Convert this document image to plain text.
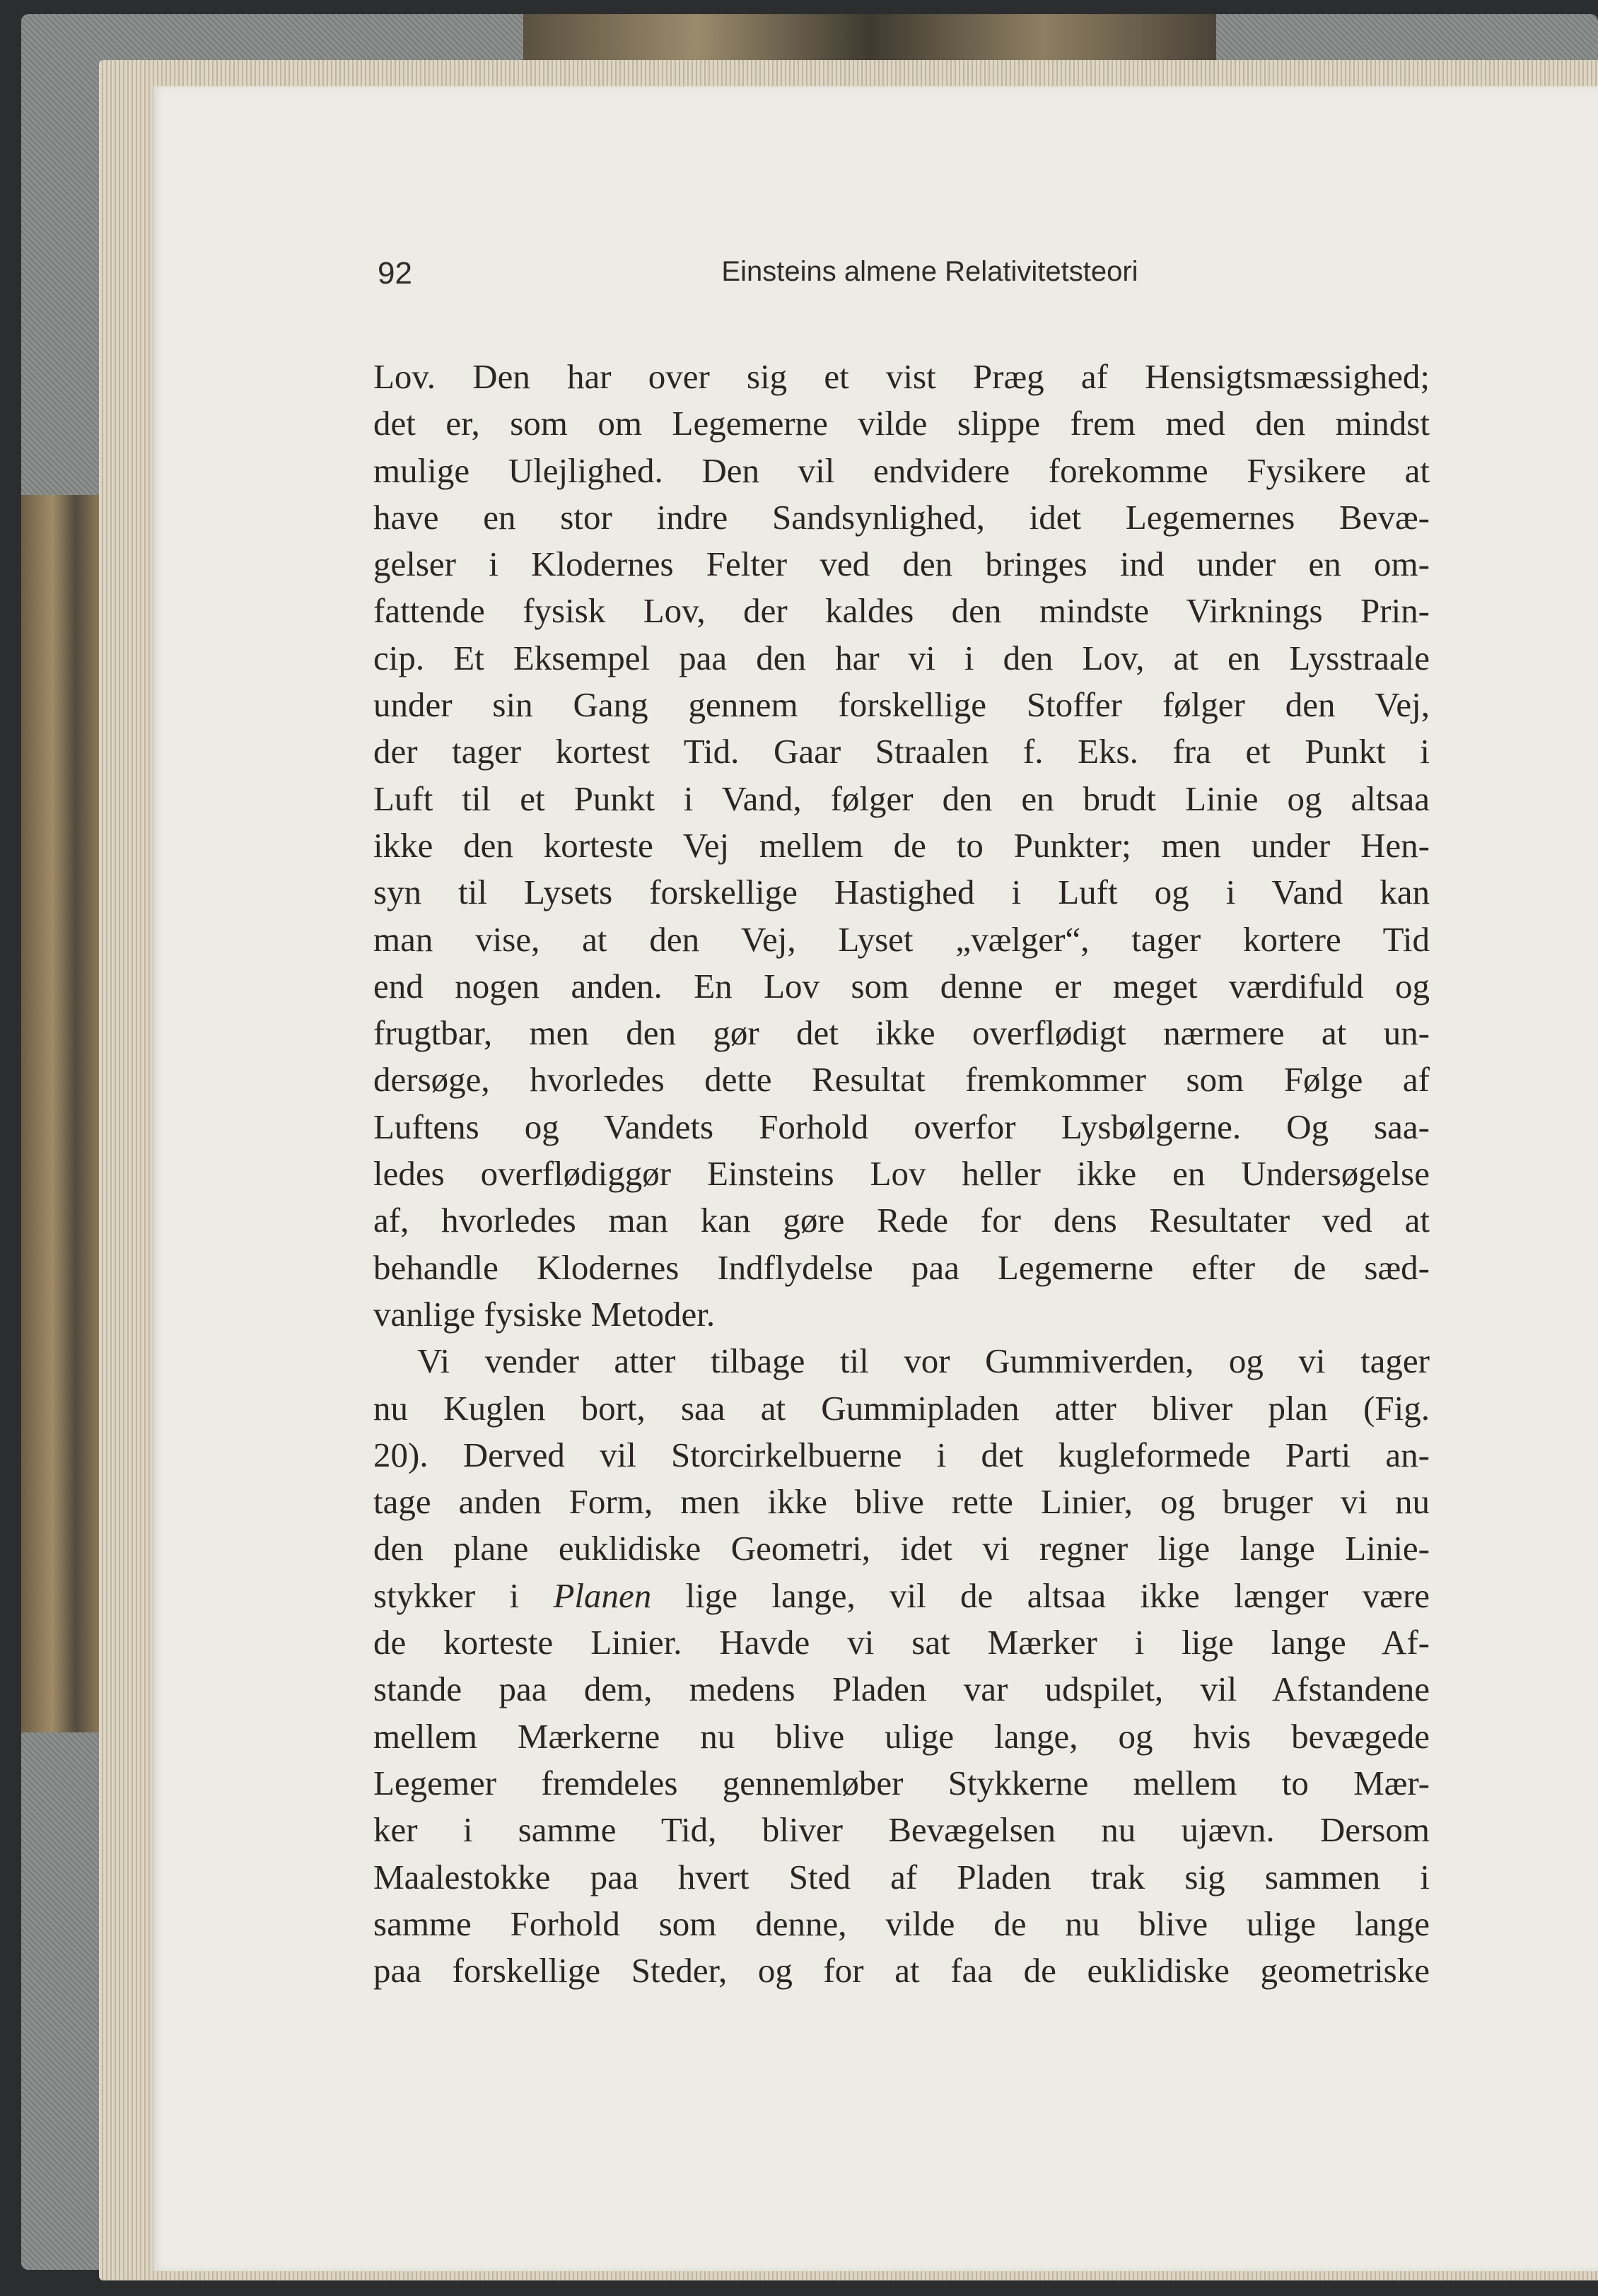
92	Einsteins almene Relativitetsteori
Lov. Den har over sig et vist Præg af Hensigtsmæssighed;
det er, som om Legemerne vilde slippe frem med den mindst
mulige Ulejlighed. Den vil endvidere forekomme Fysikere at
have en stor indre Sandsynlighed, idet Legemernes Bevæ-
gelser i Klodernes Felter ved den bringes ind under en om-
fattende fysisk Lov, der kaldes den mindste Virknings Prin-
cip. Et Eksempel paa den har vi i den Lov, at en Lysstraale
under sin Gang gennem forskellige Stoffer følger den Vej,
der tager kortest Tid. Gaar Straalen f. Eks. fra et Punkt i
Luft til et Punkt i Vand, følger den en brudt Linie og altsaa
ikke den korteste Vej mellem de to Punkter; men under Hen-
syn til Lysets forskellige Hastighed i Luft og i Vand kan
man vise, at den Vej, Lyset „vælger“, tager kortere Tid
end nogen anden. En Lov som denne er meget værdifuld og
frugtbar, men den gør det ikke overflødigt nærmere at un-
dersøge, hvorledes dette Resultat fremkommer som Følge af
Luftens og Vandets Forhold overfor Lysbølgerne. Og saa-
ledes overflødiggør Einsteins Lov heller ikke en Undersøgelse
af, hvorledes man kan gøre Rede for dens Resultater ved at
behandle Klodernes Indflydelse paa Legemerne efter de sæd-
vanlige fysiske Metoder.
Vi vender atter tilbage til vor Gummiverden, og vi tager
nu Kuglen bort, saa at Gummipladen atter bliver plan (Fig.
20). Derved vil Storcirkelbuerne i det kugleformede Parti an-
tage anden Form, men ikke blive rette Linier, og bruger vi nu
den plane euklidiske Geometri, idet vi regner lige lange Linie-
stykker i Planen lige lange, vil de altsaa ikke længer være
de korteste Linier. Havde vi sat Mærker i lige lange Af-
stande paa dem, medens Pladen var udspilet, vil Afstandene
mellem Mærkerne nu blive ulige lange, og hvis bevægede
Legemer fremdeles gennemløber Stykkerne mellem to Mær-
ker i samme Tid, bliver Bevægelsen nu ujævn. Dersom
Maalestokke paa hvert Sted af Pladen trak sig sammen i
samme Forhold som denne, vilde de nu blive ulige lange
paa forskellige Steder, og for at faa de euklidiske geometriske
